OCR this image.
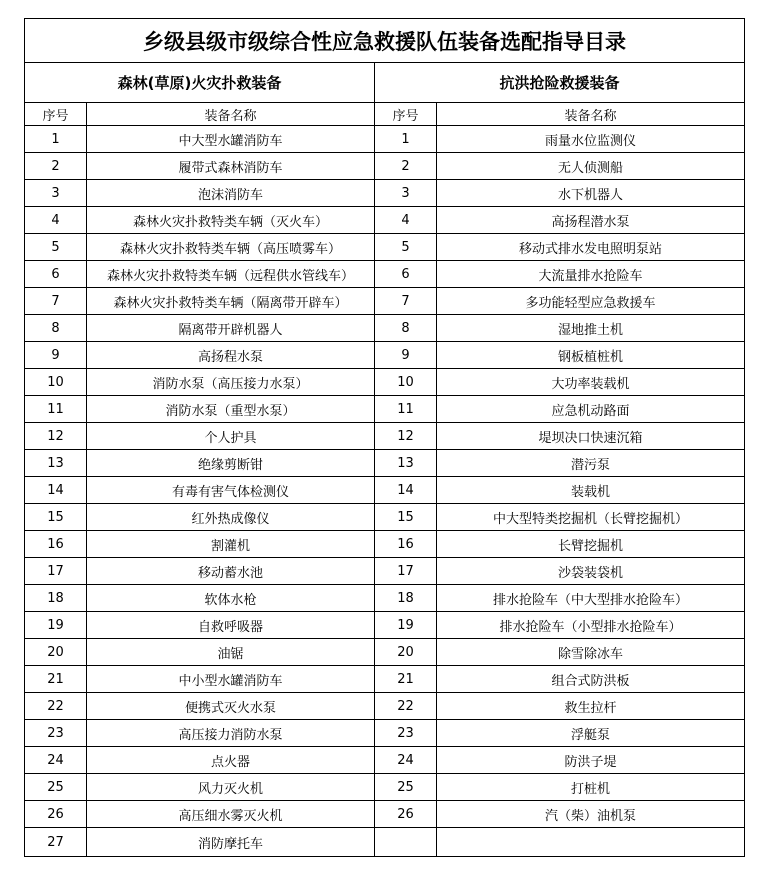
乡级县级市级综合性应急救援队伍装备选配指导目录			
森林(草原)火灾扑救装备		抗洪抢险救援装备	
序号	装备名称	序号	装备名称
1	中大型水罐消防车	1	雨量水位监测仪
2	履带式森林消防车	2	无人侦测船
3	泡沫消防车	3	水下机器人
4	森林火灾扑救特类车辆（灭火车）	4	高扬程潜水泵
5	森林火灾扑救特类车辆（高压喷雾车）	5	移动式排水发电照明泵站
6	森林火灾扑救特类车辆（远程供水管线车）	6	大流量排水抢险车
7	森林火灾扑救特类车辆（隔离带开辟车）	7	多功能轻型应急救援车
8	隔离带开辟机器人	8	湿地推土机
9	高扬程水泵	9	钢板植桩机
10	消防水泵（高压接力水泵）	10	大功率装载机
11	消防水泵（重型水泵）	11	应急机动路面
12	个人护具	12	堤坝决口快速沉箱
13	绝缘剪断钳	13	潜污泵
14	有毒有害气体检测仪	14	装载机
15	红外热成像仪	15	中大型特类挖掘机（长臂挖掘机）
16	割灌机	16	长臂挖掘机
17	移动蓄水池	17	沙袋装袋机
18	软体水枪	18	排水抢险车（中大型排水抢险车）
19	自救呼吸器	19	排水抢险车（小型排水抢险车）
20	油锯	20	除雪除冰车
21	中小型水罐消防车	21	组合式防洪板
22	便携式灭火水泵	22	救生拉杆
23	高压接力消防水泵	23	浮艇泵
24	点火器	24	防洪子堤
25	风力灭火机	25	打桩机
26	高压细水雾灭火机	26	汽（柴）油机泵
27	消防摩托车		
